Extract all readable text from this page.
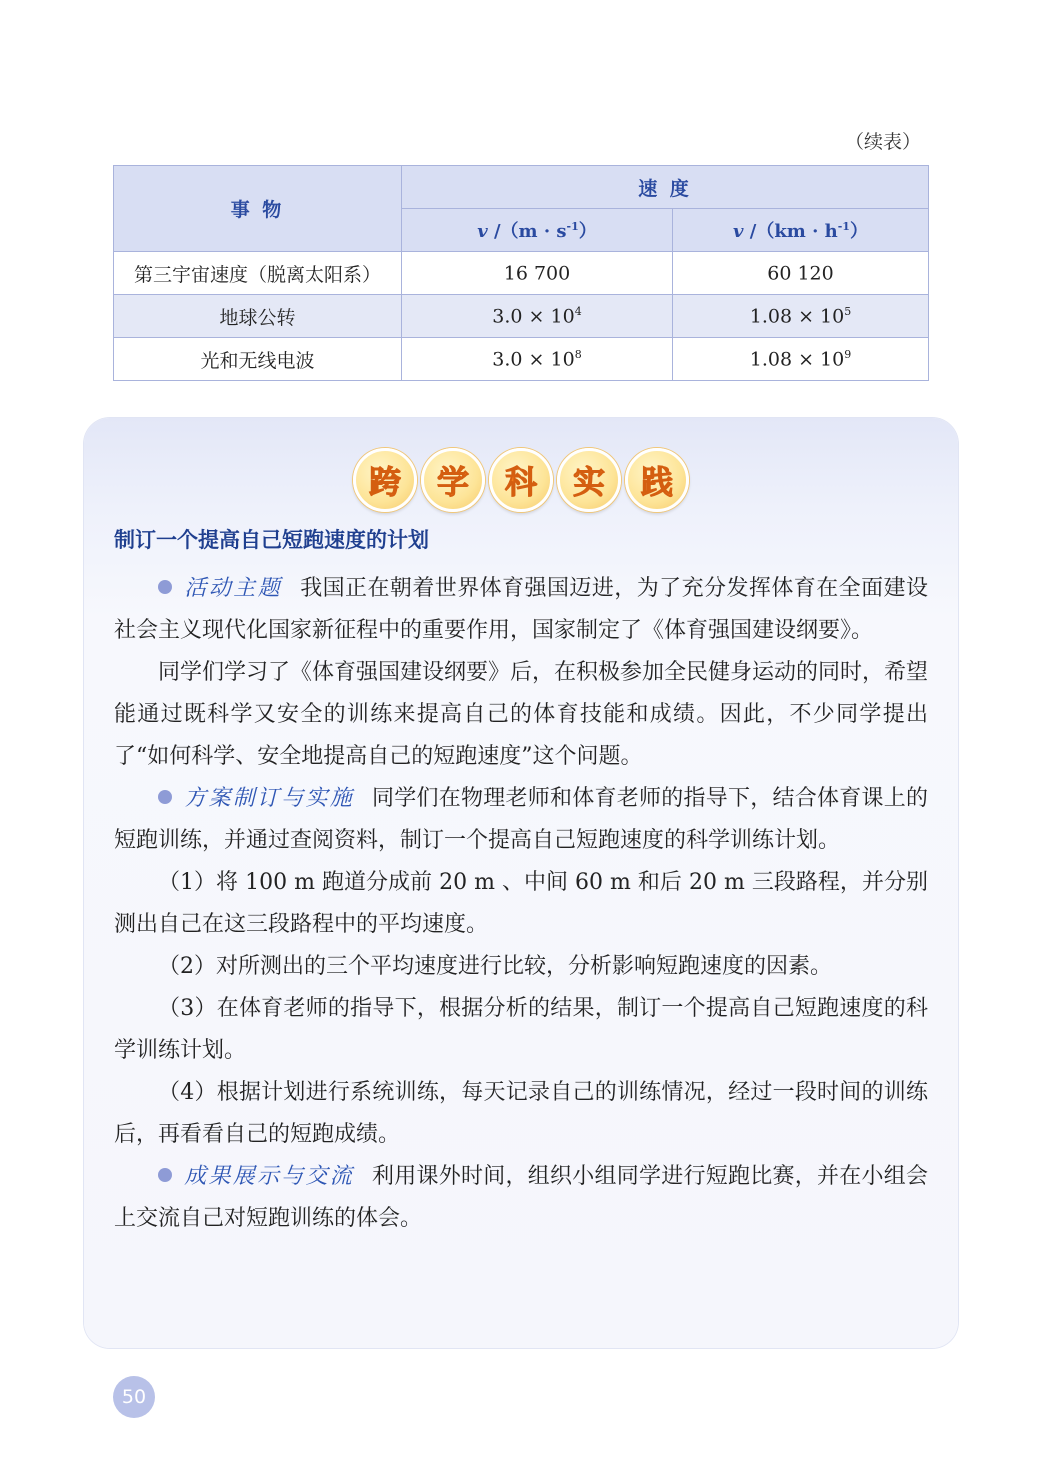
（续表）
事 物	速 度	
	v $/(m \cdot s^{-1})$	v $/(km \cdot h^{-1})$
第三宇宙速度（脱离太阳系）	16 700	60 120
地球公转	$3.0 \times 10^4$	$1.08 \times 10^5$
光和无线电波	$3.0 \times 10^8$	$1.08 \times 10^9$
跨	学	科	实	践
制订一个提高自己短跑速度的计划

活动主题 我国正在朝着世界体育强国迈进，为了充分发挥体育在全面建设社会主义现代化国家新征程中的重要作用，国家制定了《体育强国建设纲要》。

同学们学习了《体育强国建设纲要》后，在积极参加全民健身运动的同时，希望能通过既科学又安全的训练来提高自己的体育技能和成绩。因此，不少同学提出了“如何科学、安全地提高自己的短跑速度”这个问题。

方案制订与实施 同学们在物理老师和体育老师的指导下，结合体育课上的短跑训练，并通过查阅资料，制订一个提高自己短跑速度的科学训练计划。

（1）将 100 m 跑道分成前 20 m 、中间 60 m 和后 20 m 三段路程，并分别测出自己在这三段路程中的平均速度。

（2）对所测出的三个平均速度进行比较，分析影响短跑速度的因素。

（3）在体育老师的指导下，根据分析的结果，制订一个提高自己短跑速度的科学训练计划。

（4）根据计划进行系统训练，每天记录自己的训练情况，经过一段时间的训练后，再看看自己的短跑成绩。

成果展示与交流 利用课外时间，组织小组同学进行短跑比赛，并在小组会上交流自己对短跑训练的体会。

50
